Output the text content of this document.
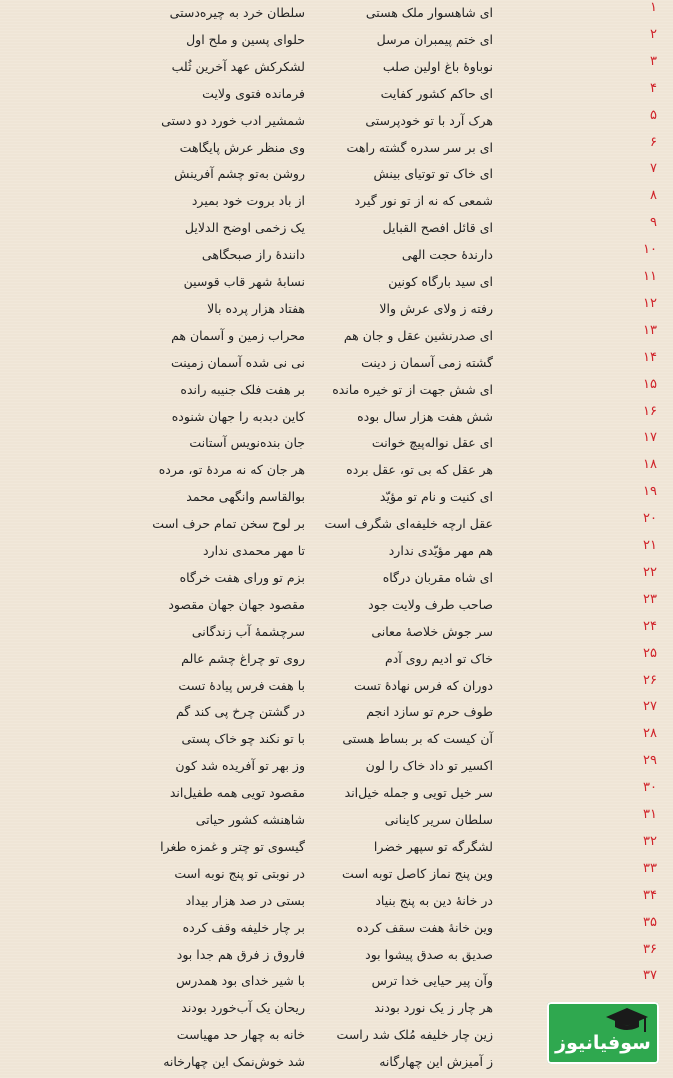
۱
ای شاهسوار ملک هستی
سلطان خرد به چیره‌دستی
۲
ای ختم پیمبران مرسل
حلوای پسین و ملح اول
۳
نوباوهٔ باغ اولین صلب
لشکرکش عهد آخرین ثُلب
۴
ای حاکم کشور کفایت
فرمانده فتوی ولایت
۵
هرک آرد با تو خودپرستی
شمشیر ادب خورد دو دستی
۶
ای بر سر سدره گشته راهت
وی منظر عرش پایگاهت
۷
ای خاک تو توتیای بینش
روشن به‌تو چشم آفرینش
۸
شمعی که نه از تو نور گیرد
از باد بروت خود بمیرد
۹
ای قائل افصح القبایل
یک زخمی اوضح الدلایل
۱۰
دارندهٔ حجت الهی
دانندهٔ راز صبحگاهی
۱۱
ای سید بارگاه کونین
نسابهٔ شهر قاب قوسین
۱۲
رفته ز ولای عرش والا
هفتاد هزار پرده بالا
۱۳
ای صدرنشین عقل و جان هم
محراب زمین و آسمان هم
۱۴
گشته زمی آسمان ز دینت
نی نی شده آسمان زمینت
۱۵
ای شش جهت از تو خیره مانده
بر هفت فلک جنیبه رانده
۱۶
شش هفت هزار سال بوده
کاین دبدبه را جهان شنوده
۱۷
ای عقل نواله‌پیچ خوانت
جان بنده‌نویس آستانت
۱۸
هر عقل که بی تو، عقل برده
هر جان که نه مردهٔ تو، مرده
۱۹
ای کنیت و نام تو مؤیّد
بوالقاسم وانگهی محمد
۲۰
عقل ارچه خلیفه‌ای شگرف است
بر لوح سخن تمام حرف است
۲۱
هم مهر مؤیّدی ندارد
تا مهر محمدی ندارد
۲۲
ای شاه مقربان درگاه
بزم تو ورای هفت خرگاه
۲۳
صاحب طرف ولایت جود
مقصود جهان جهان مقصود
۲۴
سر جوش خلاصهٔ معانی
سرچشمهٔ آب زندگانی
۲۵
خاک تو ادیم روی آدم
روی تو چراغ چشم عالم
۲۶
دوران که فرس نهادهٔ تست
با هفت فرس پیادهٔ تست
۲۷
طوف حرم تو سازد انجم
در گشتن چرخ پی کند گم
۲۸
آن کیست که بر بساط هستی
با تو نکند چو خاک پستی
۲۹
اکسیر تو داد خاک را لون
وز بهر تو آفریده شد کون
۳۰
سر خیل تویی و جمله خیل‌اند
مقصود تویی همه طفیل‌اند
۳۱
سلطان سریر کاینانی
شاهنشه کشور حیاتی
۳۲
لشگرگه تو سپهر خضرا
گیسوی تو چتر و غمزه طغرا
۳۳
وین پنج نماز کاصل توبه است
در نوبتی تو پنج نوبه است
۳۴
در خانهٔ دین به پنج بنیاد
بستی در صد هزار بیداد
۳۵
وین خانهٔ هفت سقف کرده
بر چار خلیفه وقف کرده
۳۶
صدیق به صدق پیشوا بود
فاروق ز فرق هم جدا بود
۳۷
وآن پیر حیایی خدا ترس
با شیر خدای بود همدرس
هر چار ز یک نورد بودند
ریحان یک آب‌خورد بودند
زین چار خلیفه مُلک شد راست
خانه به چهار حد مهیاست
ز آمیزش این چهارگانه
شد خوش‌نمک این چهارخانه
سوفیانیوز
